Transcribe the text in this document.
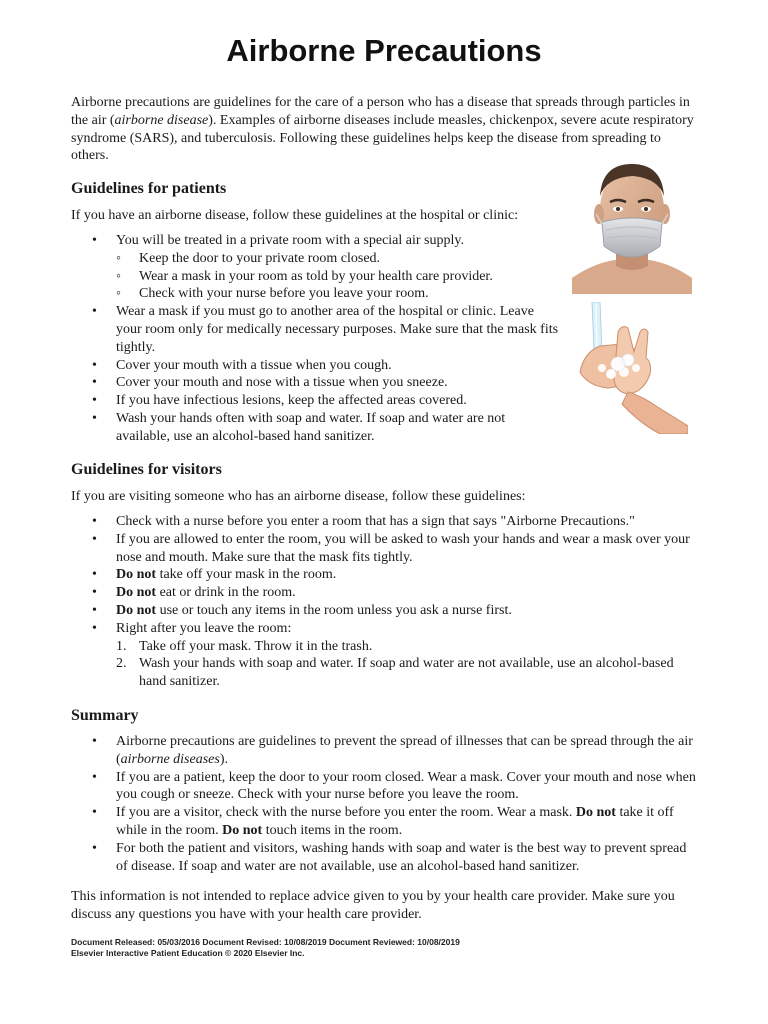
Airborne Precautions

Airborne precautions are guidelines for the care of a person who has a disease that spreads through particles in the air (airborne disease). Examples of airborne diseases include measles, chickenpox, severe acute respiratory syndrome (SARS), and tuberculosis. Following these guidelines helps keep the disease from spreading to others.

Guidelines for patients

If you have an airborne disease, follow these guidelines at the hospital or clinic:

• You will be treated in a private room with a special air supply.
◦ Keep the door to your private room closed.
◦ Wear a mask in your room as told by your health care provider.
◦ Check with your nurse before you leave your room.
• Wear a mask if you must go to another area of the hospital or clinic. Leave your room only for medically necessary purposes. Make sure that the mask fits tightly.
• Cover your mouth with a tissue when you cough.
• Cover your mouth and nose with a tissue when you sneeze.
• If you have infectious lesions, keep the affected areas covered.
• Wash your hands often with soap and water. If soap and water are not available, use an alcohol-based hand sanitizer.
Guidelines for visitors

If you are visiting someone who has an airborne disease, follow these guidelines:

• Check with a nurse before you enter a room that has a sign that says "Airborne Precautions."
• If you are allowed to enter the room, you will be asked to wash your hands and wear a mask over your nose and mouth. Make sure that the mask fits tightly.
• Do not take off your mask in the room.
• Do not eat or drink in the room.
• Do not use or touch any items in the room unless you ask a nurse first.
• Right after you leave the room:
1. Take off your mask. Throw it in the trash.
2. Wash your hands with soap and water. If soap and water are not available, use an alcohol-based hand sanitizer.
Summary
• Airborne precautions are guidelines to prevent the spread of illnesses that can be spread through the air (airborne diseases).
• If you are a patient, keep the door to your room closed. Wear a mask. Cover your mouth and nose when you cough or sneeze. Check with your nurse before you leave the room.
• If you are a visitor, check with the nurse before you enter the room. Wear a mask. Do not take it off while in the room. Do not touch items in the room.
• For both the patient and visitors, washing hands with soap and water is the best way to prevent spread of disease. If soap and water are not available, use an alcohol-based hand sanitizer.

This information is not intended to replace advice given to you by your health care provider. Make sure you discuss any questions you have with your health care provider.

Document Released: 05/03/2016 Document Revised: 10/08/2019 Document Reviewed: 10/08/2019
Elsevier Interactive Patient Education © 2020 Elsevier Inc.
